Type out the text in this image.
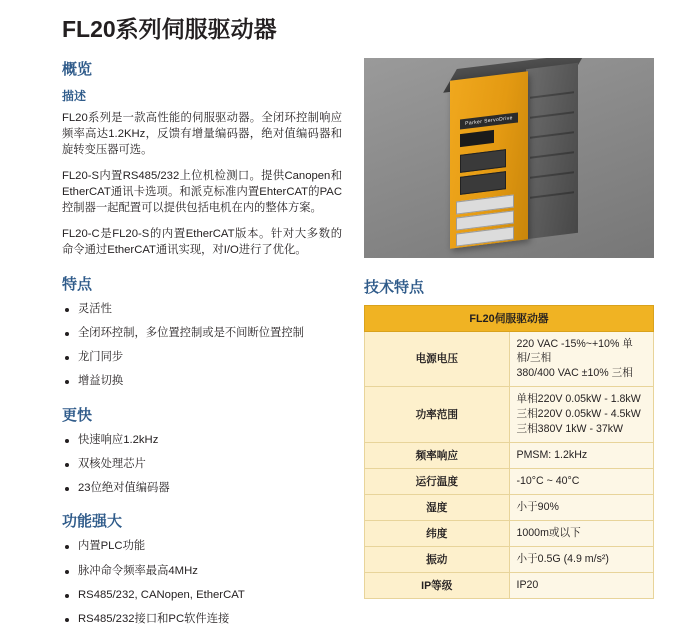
FL20系列伺服驱动器
概览
描述

FL20系列是一款高性能的伺服驱动器。全闭环控制响应频率高达1.2KHz，反馈有增量编码器，绝对值编码器和旋转变压器可选。

FL20-S内置RS485/232上位机检测口。提供Canopen和EtherCAT通讯卡选项。和派克标准内置EhterCAT的PAC控制器一起配置可以提供包括电机在内的整体方案。

FL20-C是FL20-S的内置EtherCAT版本。针对大多数的命令通过EtherCAT通讯实现，对I/O进行了优化。

特点
灵活性
全闭环控制，多位置控制或是不间断位置控制
龙门同步
增益切换
更快
快速响应1.2kHz
双核处理芯片
23位绝对值编码器
功能强大
内置PLC功能
脉冲命令频率最高4MHz
RS485/232, CANopen, EtherCAT
RS485/232接口和PC软件连接
Parker ServoDrive
技术特点
FL20伺服驱动器	
电源电压	220 VAC -15%~+10% 单相/三相
380/400 VAC ±10% 三相

功率范围	单相220V 0.05kW - 1.8kW
三相220V 0.05kW - 4.5kW
三相380V 1kW - 37kW

频率响应	PMSM: 1.2kHz

运行温度	-10°C ~ 40°C

湿度	小于90%

纬度	1000m或以下

振动	小于0.5G (4.9 m/s²)

IP等级	IP20
